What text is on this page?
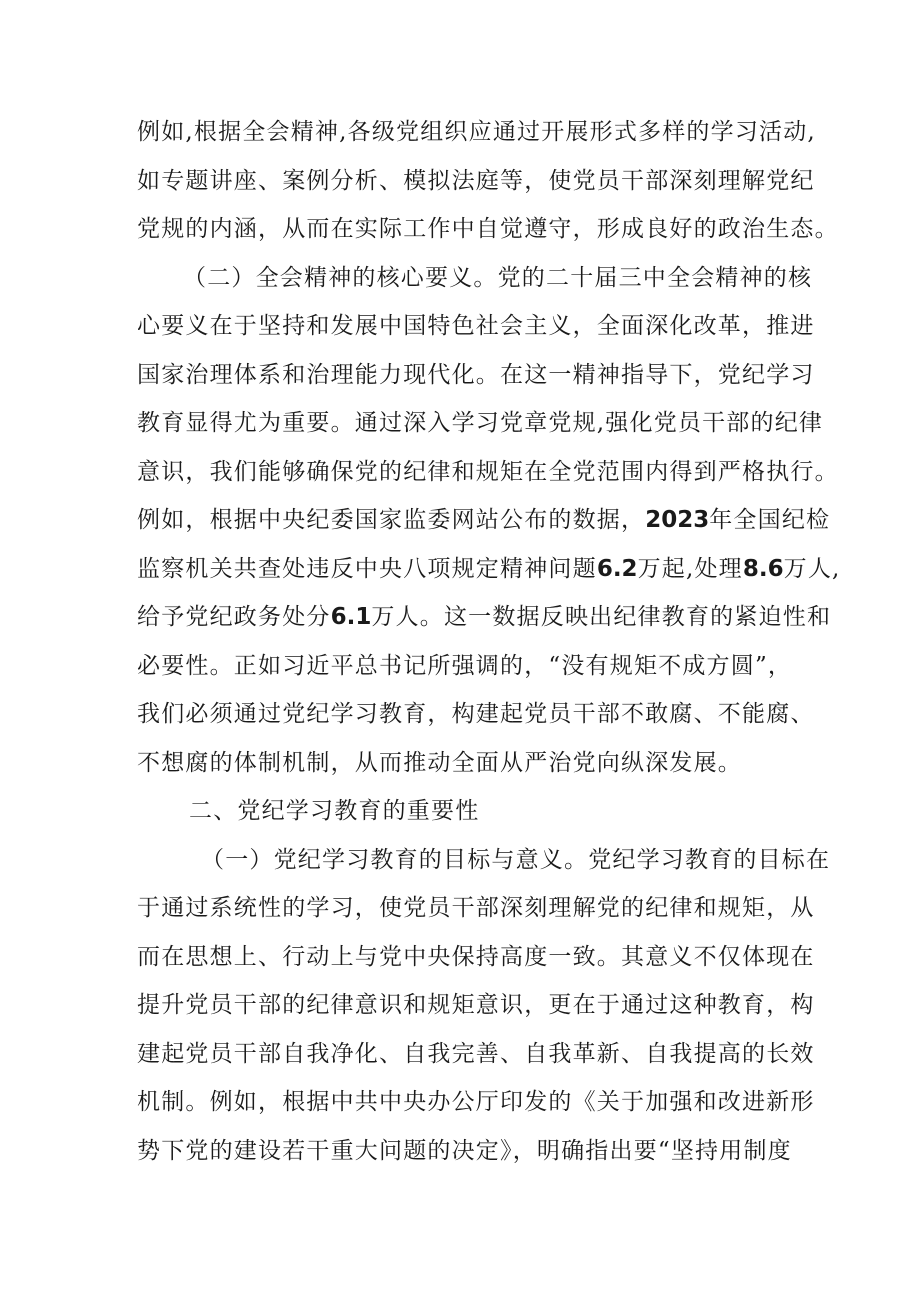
例如,根据全会精神,各级党组织应通过开展形式多样的学习活动,
如专题讲座、案例分析、模拟法庭等，使党员干部深刻理解党纪
党规的内涵，从而在实际工作中自觉遵守，形成良好的政治生态。
（二）全会精神的核心要义。党的二十届三中全会精神的核
心要义在于坚持和发展中国特色社会主义，全面深化改革，推进
国家治理体系和治理能力现代化。在这一精神指导下，党纪学习
教育显得尤为重要。通过深入学习党章党规,强化党员干部的纪律
意识，我们能够确保党的纪律和规矩在全党范围内得到严格执行。
例如，根据中央纪委国家监委网站公布的数据，2023年全国纪检
监察机关共查处违反中央八项规定精神问题6.2万起,处理8.6万人,
给予党纪政务处分6.1万人。这一数据反映出纪律教育的紧迫性和
必要性。正如习近平总书记所强调的，“没有规矩不成方圆”，
我们必须通过党纪学习教育，构建起党员干部不敢腐、不能腐、
不想腐的体制机制，从而推动全面从严治党向纵深发展。
二、党纪学习教育的重要性
（一）党纪学习教育的目标与意义。党纪学习教育的目标在
于通过系统性的学习，使党员干部深刻理解党的纪律和规矩，从
而在思想上、行动上与党中央保持高度一致。其意义不仅体现在
提升党员干部的纪律意识和规矩意识，更在于通过这种教育，构
建起党员干部自我净化、自我完善、自我革新、自我提高的长效
机制。例如，根据中共中央办公厅印发的《关于加强和改进新形
势下党的建设若干重大问题的决定》，明确指出要“坚持用制度
